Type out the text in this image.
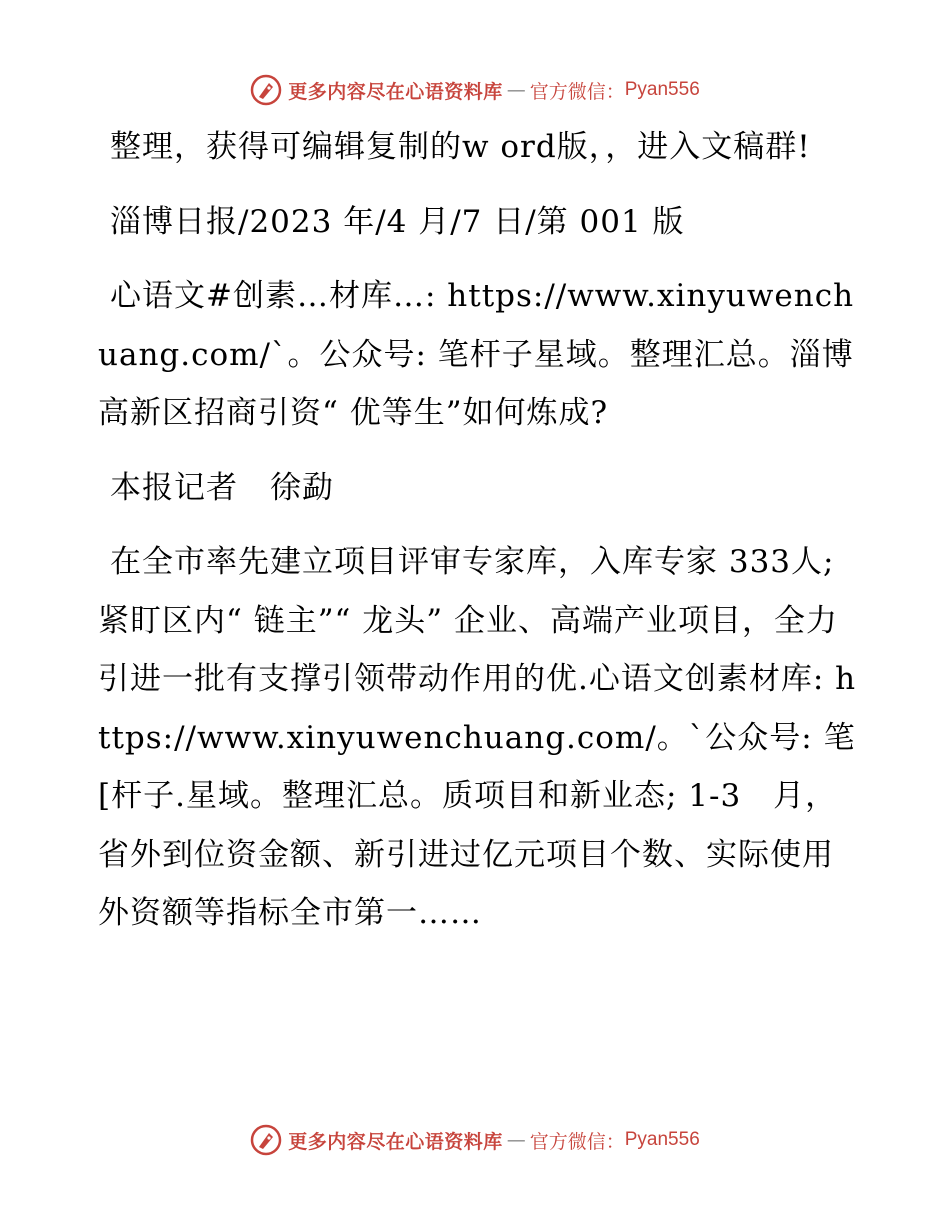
更多内容尽在心语资料库 — 官方微信： Pyan556

整理，获得可编辑复制的w ord版，，进入文稿群!

淄博日报/2023 年/4 月/7 日/第 001 版

心语文#创素…材库…: https://www.xinyuwenchuang.com/`。公众号: 笔杆子星域。整理汇总。淄博高新区招商引资“ 优等生”如何炼成?

本报记者　徐勐

在全市率先建立项目评审专家库，入库专家 333人; 紧盯区内“ 链主”“ 龙头” 企业、高端产业项目，全力引进一批有支撑引领带动作用的优.心语文创素材库: https://www.xinyuwenchuang.com/。`公众号: 笔[杆子.星域。整理汇总。质项目和新业态; 1-3　月，省外到位资金额、新引进过亿元项目个数、实际使用外资额等指标全市第一……

更多内容尽在心语资料库 — 官方微信： Pyan556
